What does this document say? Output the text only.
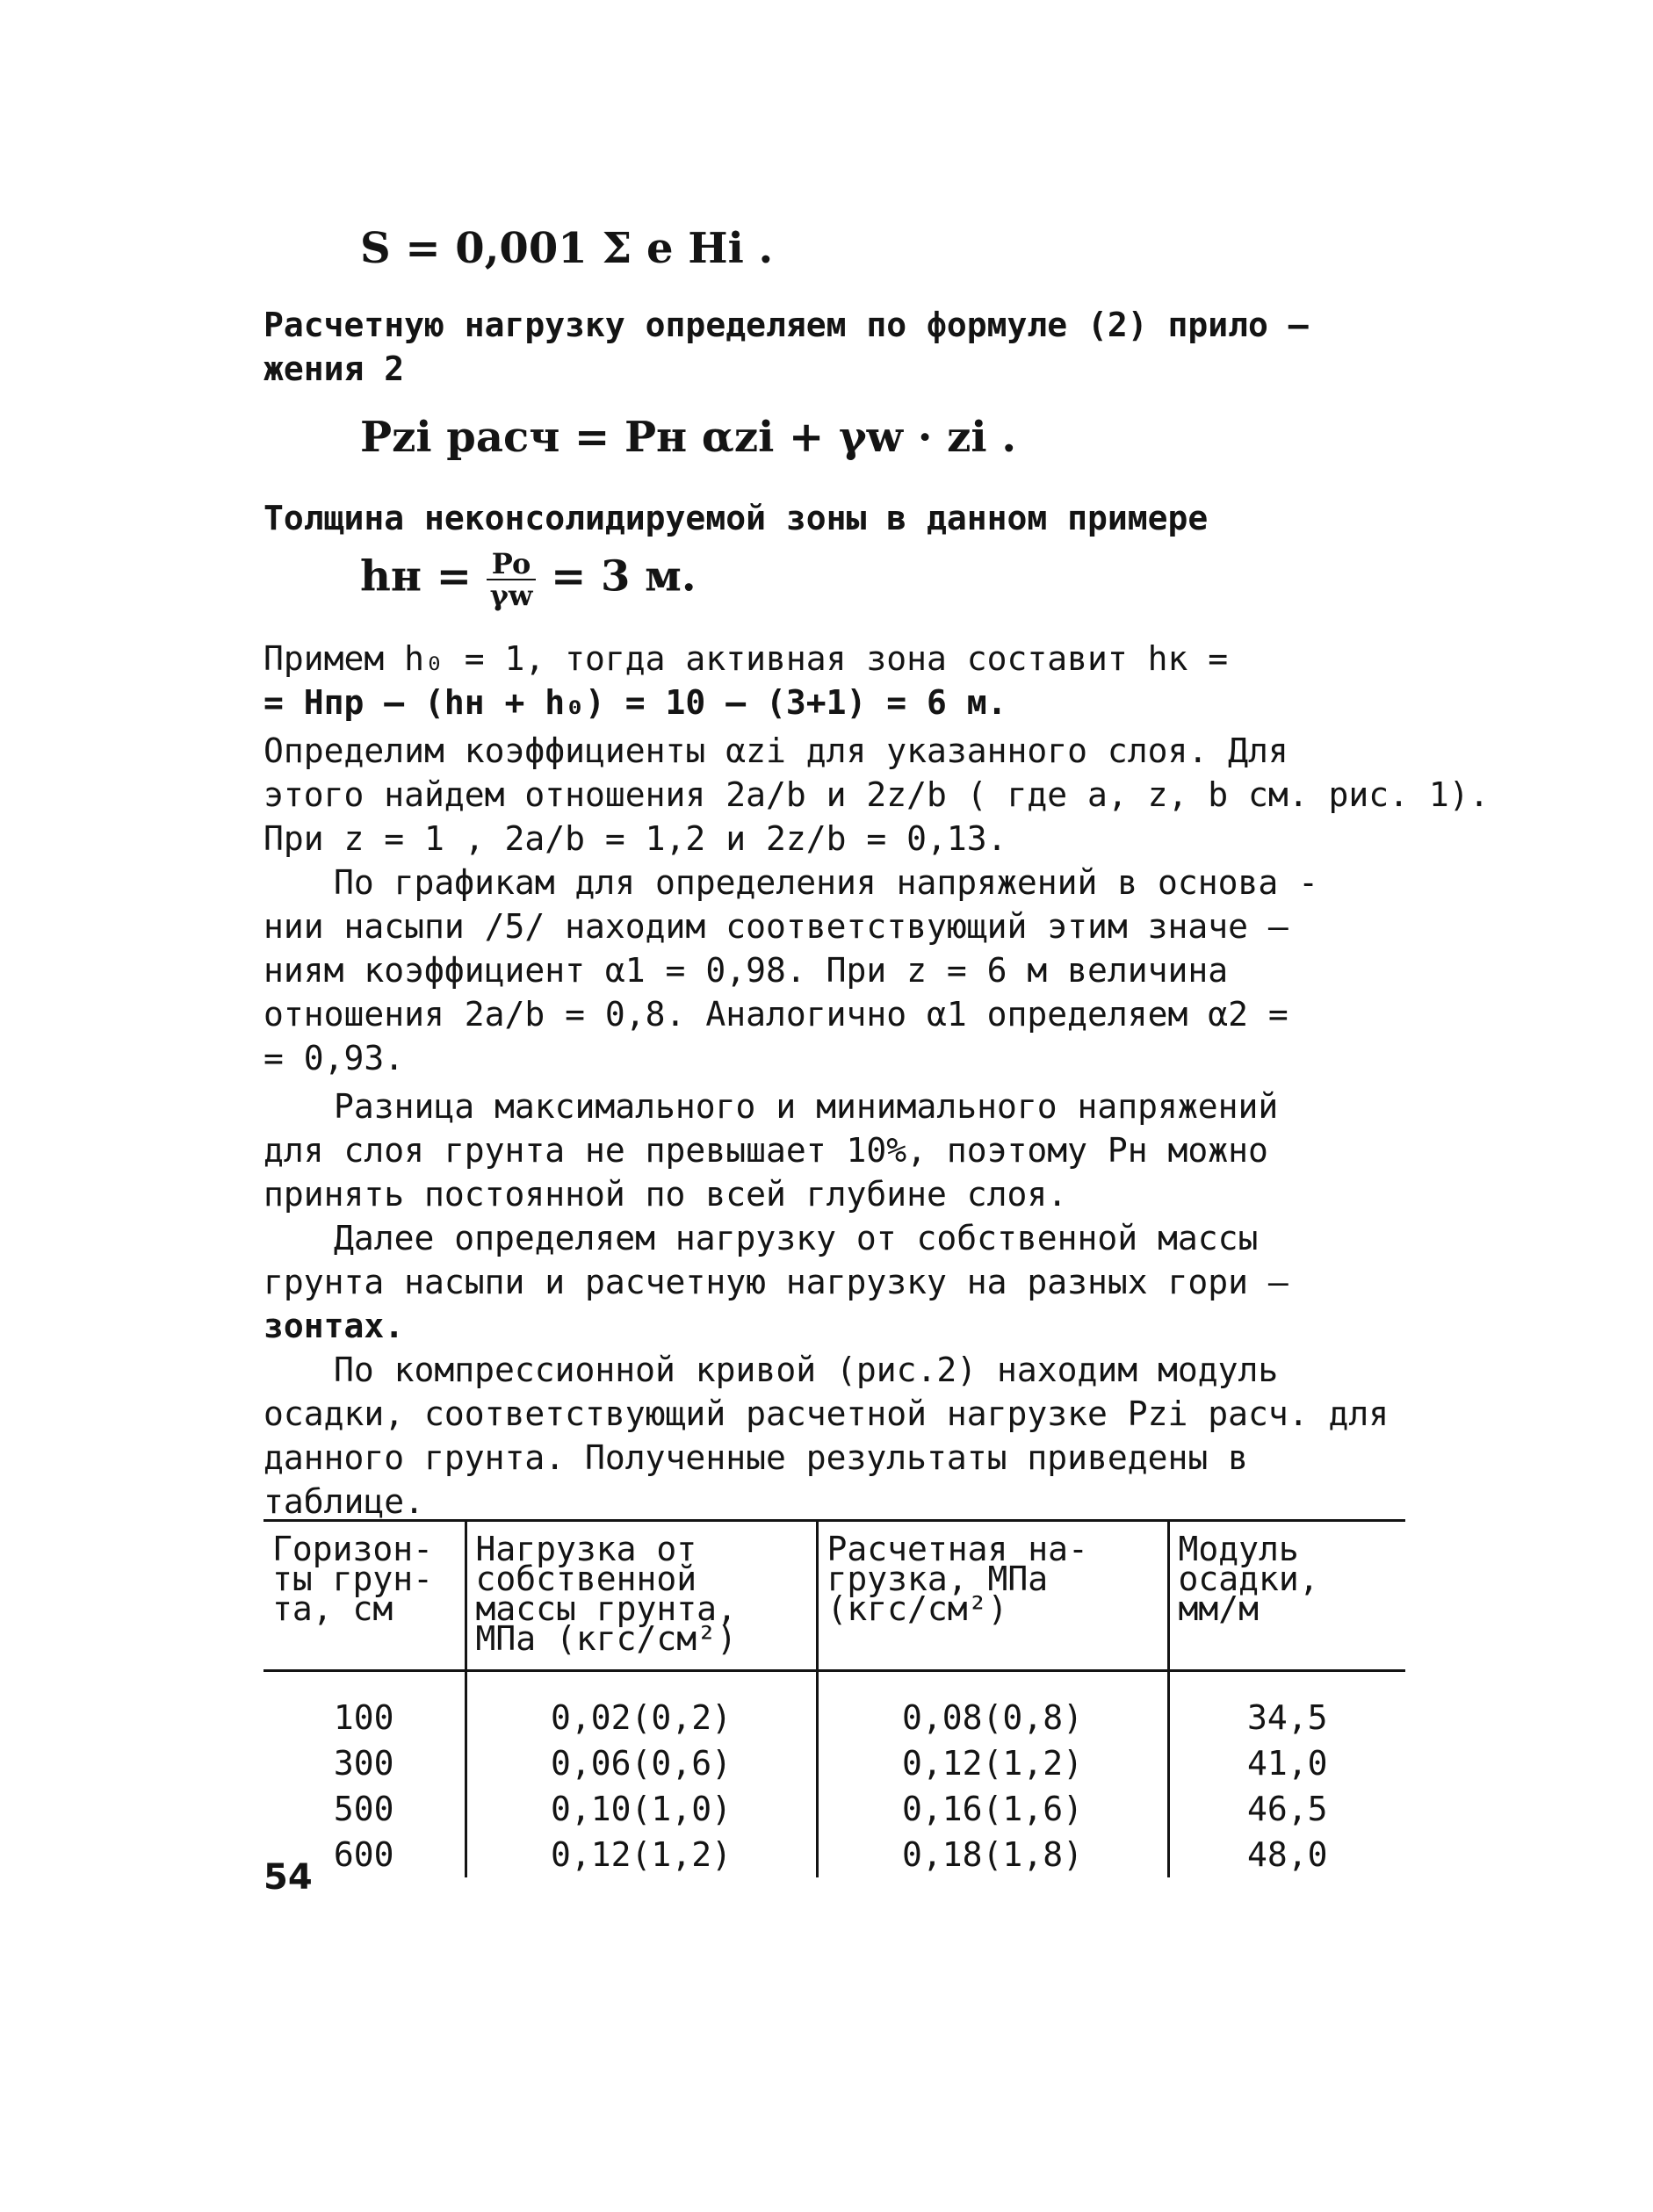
S = 0,001 Σ e Hi .
Расчетную нагрузку определяем по формуле (2) прило –
жения 2
Pzi расч = Pн αzi + γw · zi .
Толщина неконсолидируемой зоны в данном примере
hн = $\frac{Po}{\gamma w} = 3$ м.
Примем h₀ = 1, тогда активная зона составит hк =
= Hпр – (hн + h₀) = 10 – (3+1) = 6 м.
Определим коэффициенты αzi для указанного слоя. Для
этого найдем отношения 2a/b и 2z/b ( где a, z, b см. рис. 1).
При z = 1 , 2a/b = 1,2 и 2z/b = 0,13.
По графикам для определения напряжений в основа -
нии насыпи /5/ находим соответствующий этим значе –
ниям коэффициент α1 = 0,98. При z = 6 м величина
отношения 2a/b = 0,8. Аналогично α1 определяем α2 =
= 0,93.
Разница максимального и минимального напряжений
для слоя грунта не превышает 10%, поэтому Pн можно
принять постоянной по всей глубине слоя.
Далее определяем нагрузку от собственной массы
грунта насыпи и расчетную нагрузку на разных гори –
зонтах.
По компрессионной кривой (рис.2) находим модуль
осадки, соответствующий расчетной нагрузке Pzi расч. для
данного грунта. Полученные результаты приведены в
таблице.
Горизон-ты грун-та, см	Нагрузка от собственной массы грунта, МПа (кгс/см²)	Расчетная на-грузка, МПа (кгс/см²)	Модуль осадки, мм/м
100	0,02(0,2)	0,08(0,8)	34,5
300	0,06(0,6)	0,12(1,2)	41,0
500	0,10(1,0)	0,16(1,6)	46,5
600	0,12(1,2)	0,18(1,8)	48,0
54
